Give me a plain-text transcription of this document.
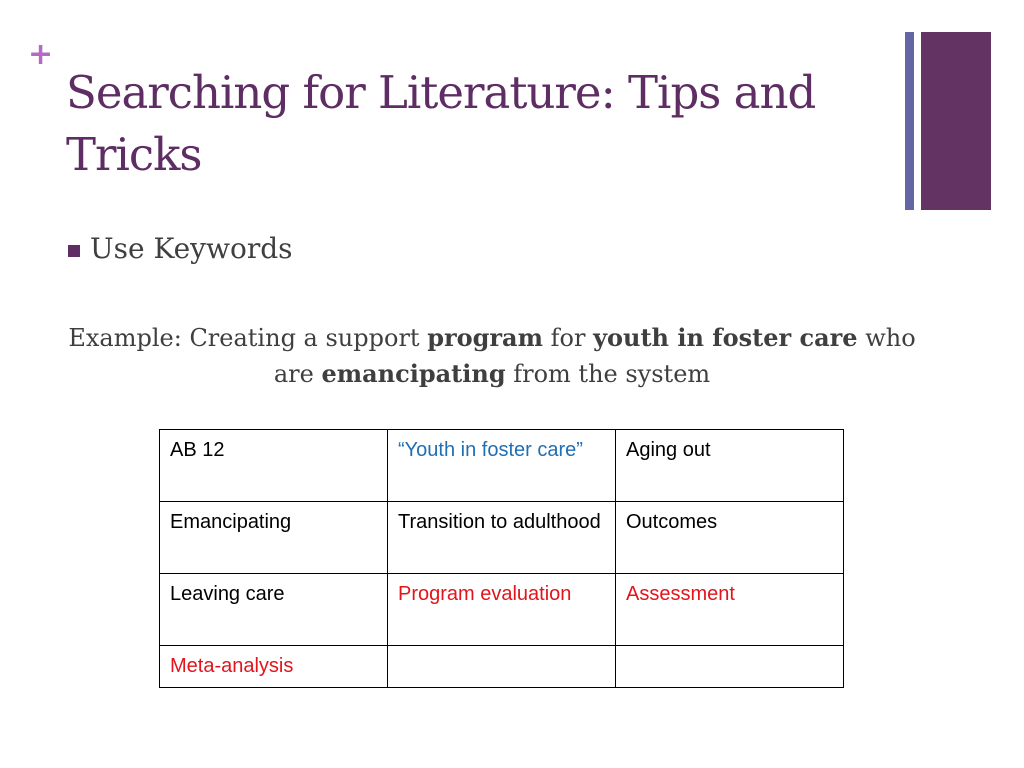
+
Searching for Literature: Tips and Tricks
Use Keywords
Example: Creating a support program for youth in foster care who are emancipating from the system
AB 12	“Youth in foster care”	Aging out
Emancipating	Transition to adulthood	Outcomes
Leaving care	Program evaluation	Assessment
Meta-analysis		
